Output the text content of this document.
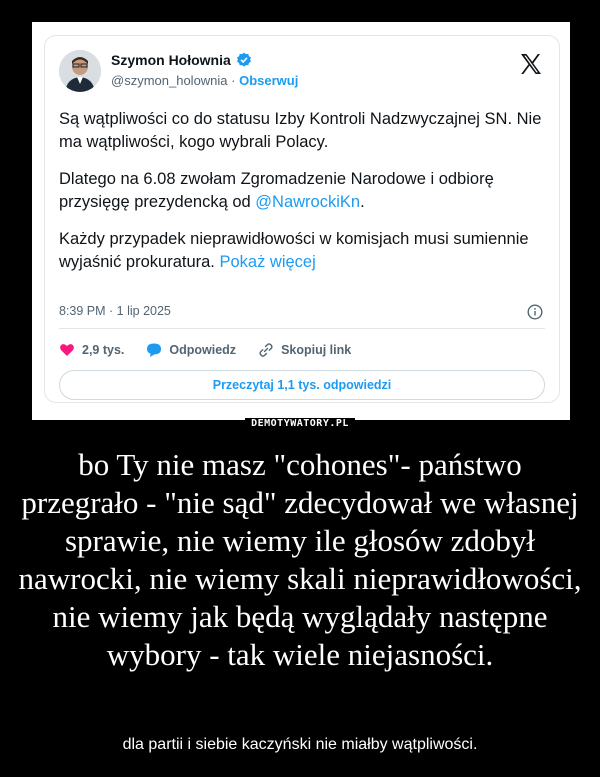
Szymon Hołownia
@szymon_holownia · Obserwuj

Są wątpliwości co do statusu Izby Kontroli Nadzwyczajnej SN. Nie ma wątpliwości, kogo wybrali Polacy.

Dlatego na 6.08 zwołam Zgromadzenie Narodowe i odbiorę przysięgę prezydencką od @NawrockiKn.

Każdy przypadek nieprawidłowości w komisjach musi sumiennie wyjaśnić prokuratura. Pokaż więcej

8:39 PM · 1 lip 2025
2,9 tys.	Odpowiedz	Skopiuj link
Przeczytaj 1,1 tys. odpowiedzi
DEMOTYWATORY.PL
bo Ty nie masz "cohones"- państwo przegrało - "nie sąd" zdecydował we własnej sprawie, nie wiemy ile głosów zdobył nawrocki, nie wiemy skali nieprawidłowości, nie wiemy jak będą wyglądały następne wybory - tak wiele niejasności.
dla partii i siebie kaczyński nie miałby wątpliwości.
